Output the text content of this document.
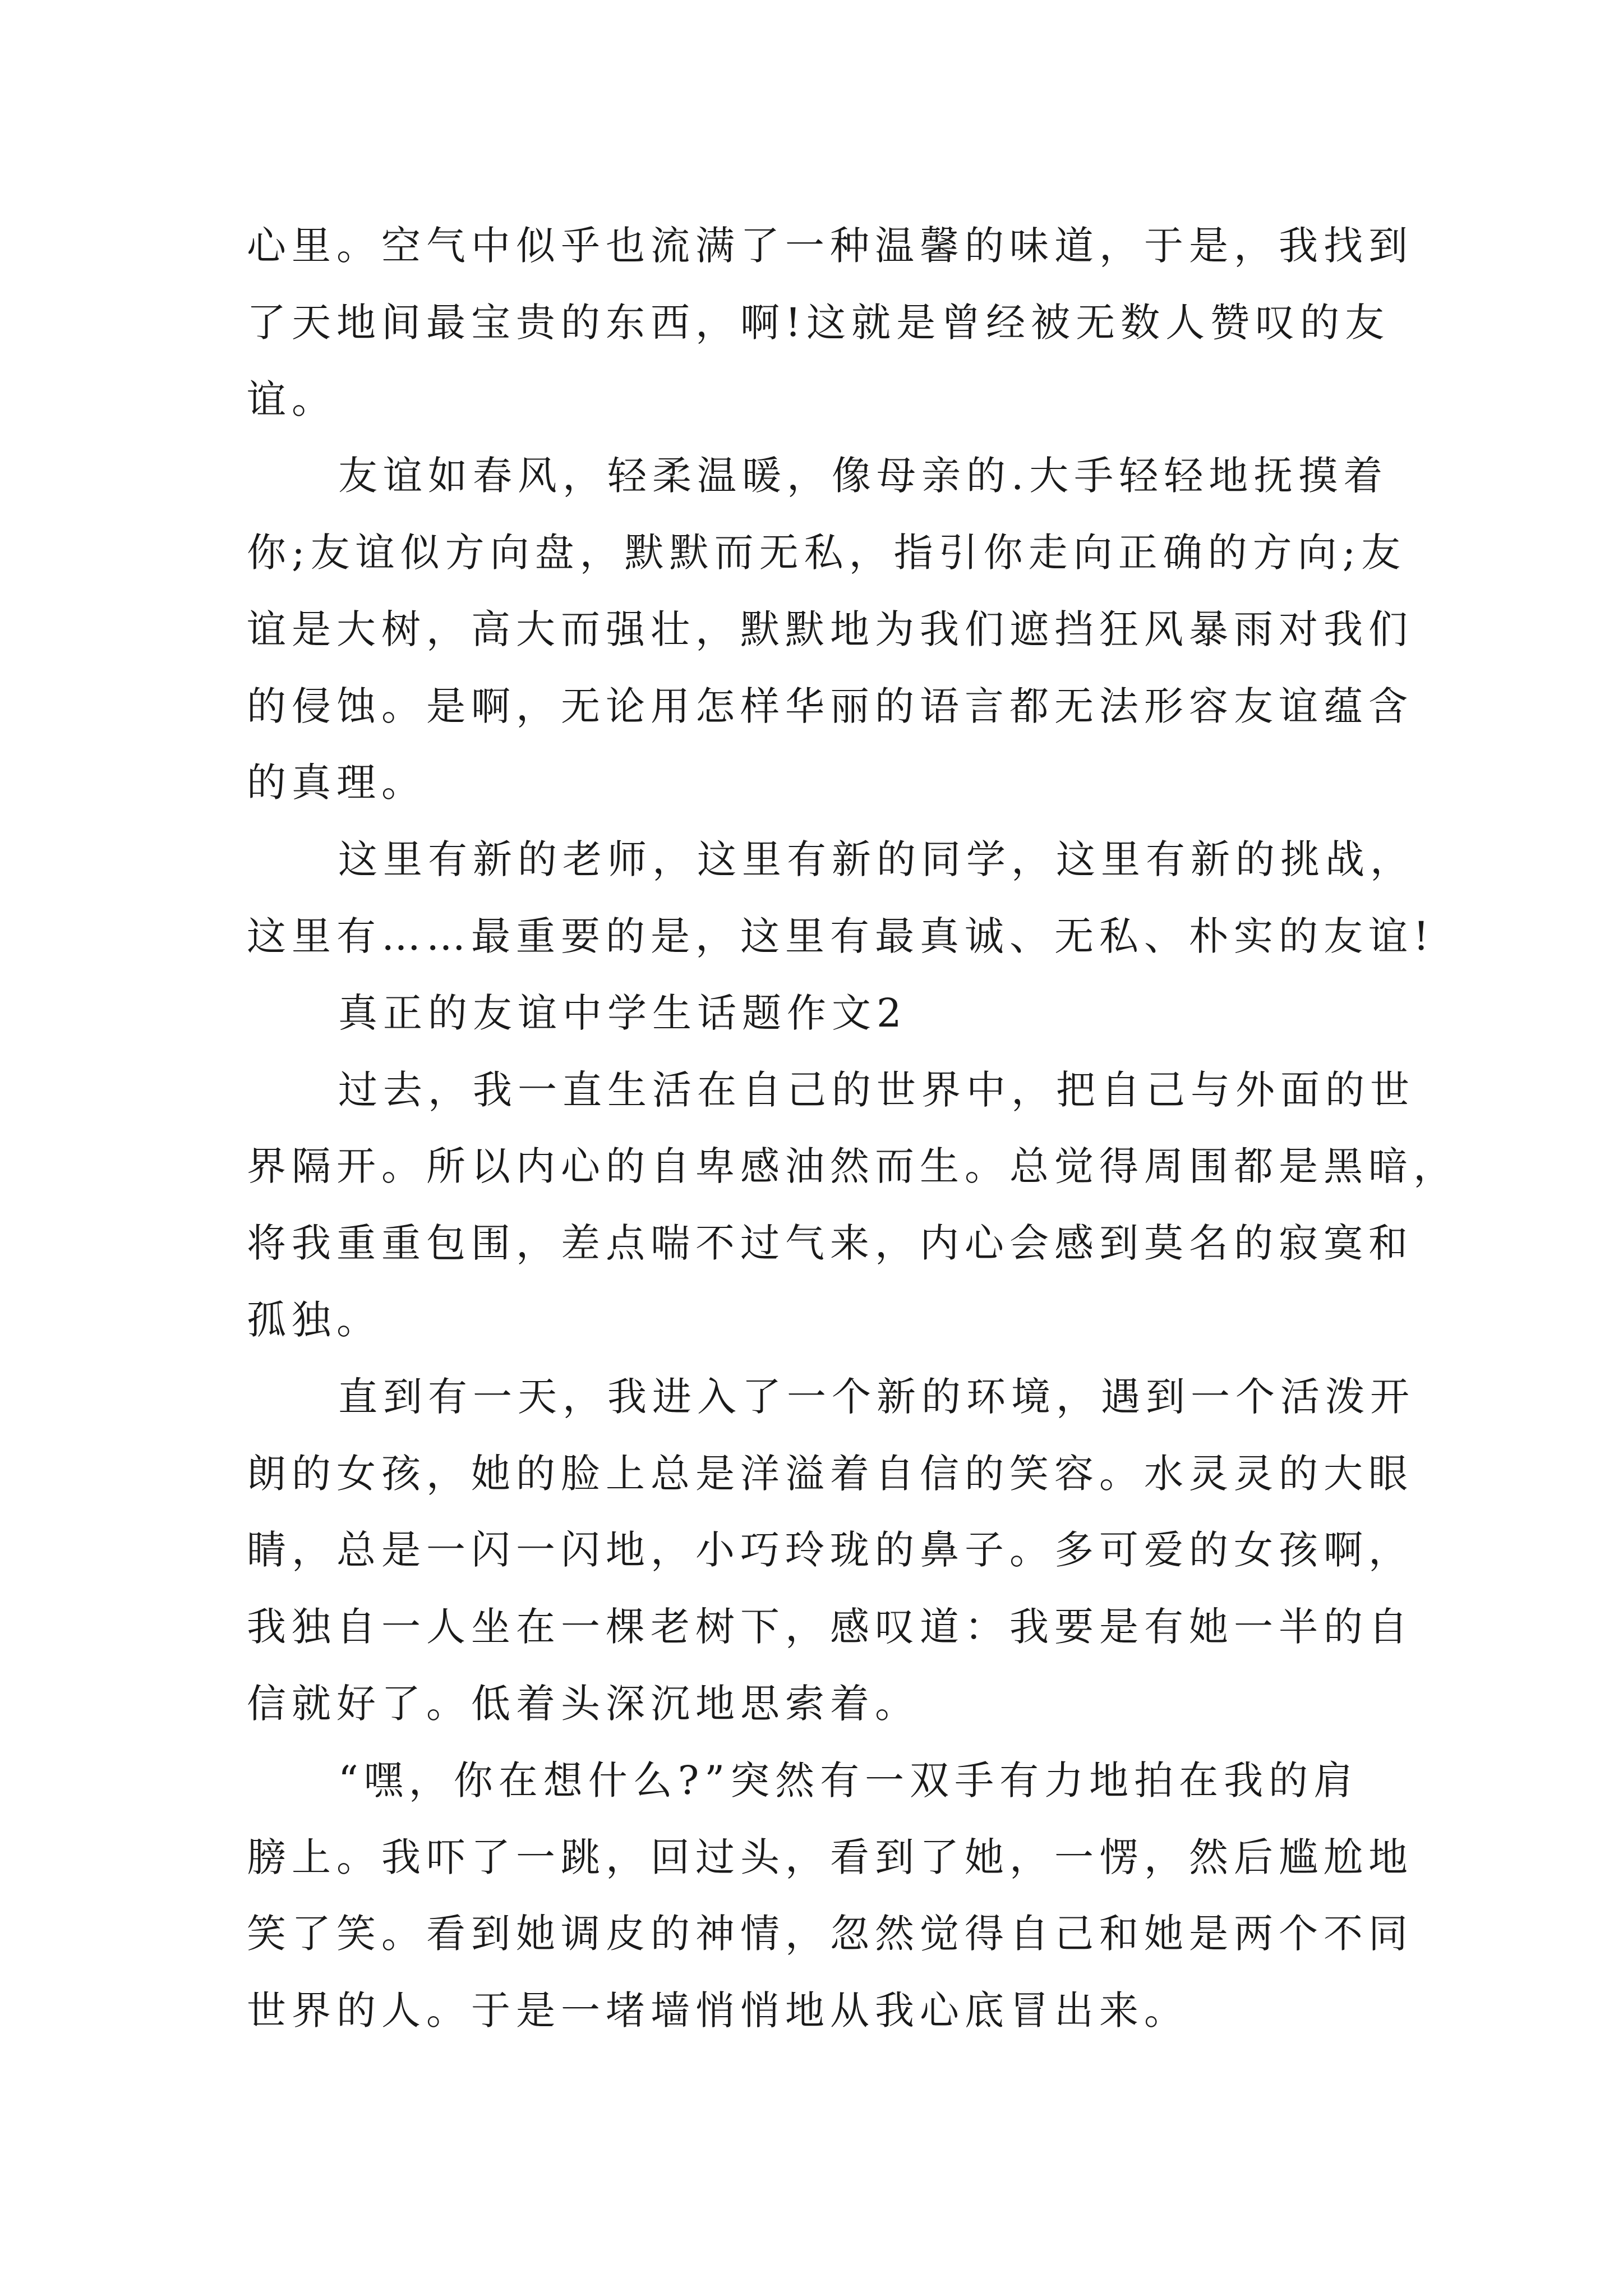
心里。空气中似乎也流满了一种温馨的味道，于是，我找到
了天地间最宝贵的东西，啊!这就是曾经被无数人赞叹的友
谊。
友谊如春风，轻柔温暖，像母亲的.大手轻轻地抚摸着
你;友谊似方向盘，默默而无私，指引你走向正确的方向;友
谊是大树，高大而强壮，默默地为我们遮挡狂风暴雨对我们
的侵蚀。是啊，无论用怎样华丽的语言都无法形容友谊蕴含
的真理。
这里有新的老师，这里有新的同学，这里有新的挑战，
这里有……最重要的是，这里有最真诚、无私、朴实的友谊!
真正的友谊中学生话题作文2
过去，我一直生活在自己的世界中，把自己与外面的世
界隔开。所以内心的自卑感油然而生。总觉得周围都是黑暗，
将我重重包围，差点喘不过气来，内心会感到莫名的寂寞和
孤独。
直到有一天，我进入了一个新的环境，遇到一个活泼开
朗的女孩，她的脸上总是洋溢着自信的笑容。水灵灵的大眼
睛，总是一闪一闪地，小巧玲珑的鼻子。多可爱的女孩啊，
我独自一人坐在一棵老树下，感叹道：我要是有她一半的自
信就好了。低着头深沉地思索着。
“嘿，你在想什么?”突然有一双手有力地拍在我的肩
膀上。我吓了一跳，回过头，看到了她，一愣，然后尴尬地
笑了笑。看到她调皮的神情，忽然觉得自己和她是两个不同
世界的人。于是一堵墙悄悄地从我心底冒出来。
